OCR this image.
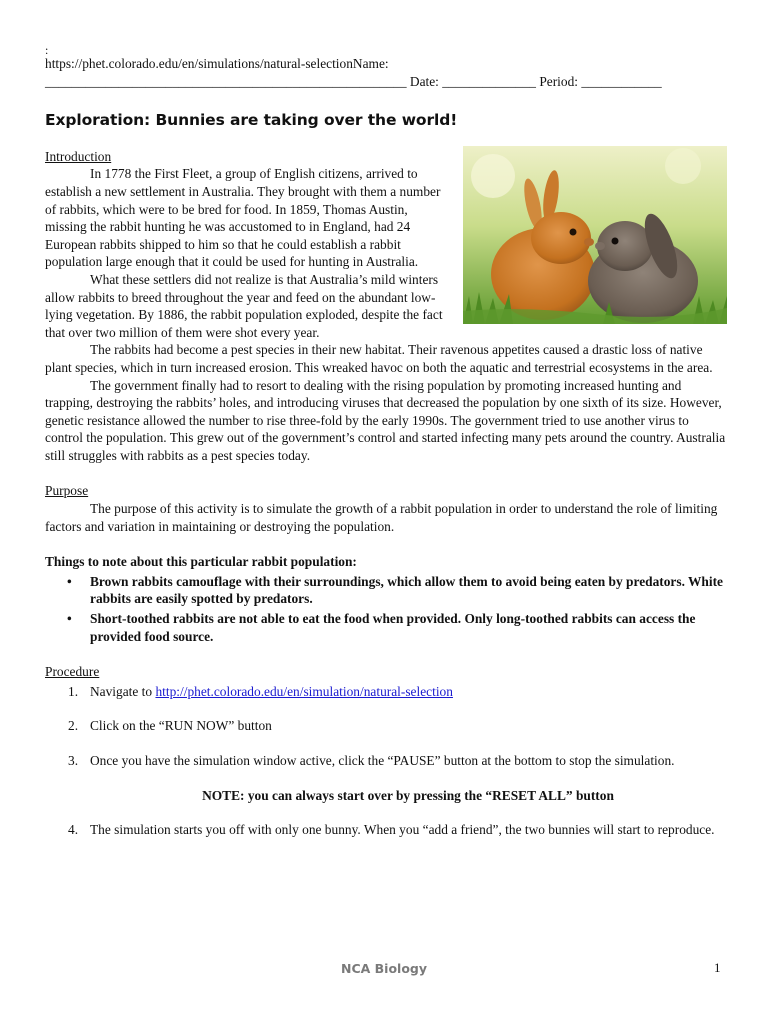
:

https://phet.colorado.edu/en/simulations/natural-selectionName:

______________________________________________________ Date: ______________ Period: ____________

Exploration: Bunnies are taking over the world!

Introduction

In 1778 the First Fleet, a group of English citizens, arrived to establish a new settlement in Australia. They brought with them a number of rabbits, which were to be bred for food. In 1859, Thomas Austin, missing the rabbit hunting he was accustomed to in England, had 24 European rabbits shipped to him so that he could establish a rabbit population large enough that it could be used for hunting in Australia.

What these settlers did not realize is that Australia’s mild winters allow rabbits to breed throughout the year and feed on the abundant low-lying vegetation. By 1886, the rabbit population exploded, despite the fact that over two million of them were shot every year.

The rabbits had become a pest species in their new habitat. Their ravenous appetites caused a drastic loss of native plant species, which in turn increased erosion. This wreaked havoc on both the aquatic and terrestrial ecosystems in the area.

The government finally had to resort to dealing with the rising population by promoting increased hunting and trapping, destroying the rabbits’ holes, and introducing viruses that decreased the population by one sixth of its size. However, genetic resistance allowed the number to rise three-fold by the early 1990s. The government tried to use another virus to control the population. This grew out of the government’s control and started infecting many pets around the country. Australia still struggles with rabbits as a pest species today.

Purpose

The purpose of this activity is to simulate the growth of a rabbit population in order to understand the role of limiting factors and variation in maintaining or destroying the population.

Things to note about this particular rabbit population:

• Brown rabbits camouflage with their surroundings, which allow them to avoid being eaten by predators. White rabbits are easily spotted by predators.
• Short-toothed rabbits are not able to eat the food when provided. Only long-toothed rabbits can access the provided food source.

Procedure

1. Navigate to http://phet.colorado.edu/en/simulation/natural-selection
2. Click on the “RUN NOW” button
3. Once you have the simulation window active, click the “PAUSE” button at the bottom to stop the simulation.

NOTE: you can always start over by pressing the “RESET ALL” button

4. The simulation starts you off with only one bunny. When you “add a friend”, the two bunnies will start to reproduce.
NCA Biology	1
